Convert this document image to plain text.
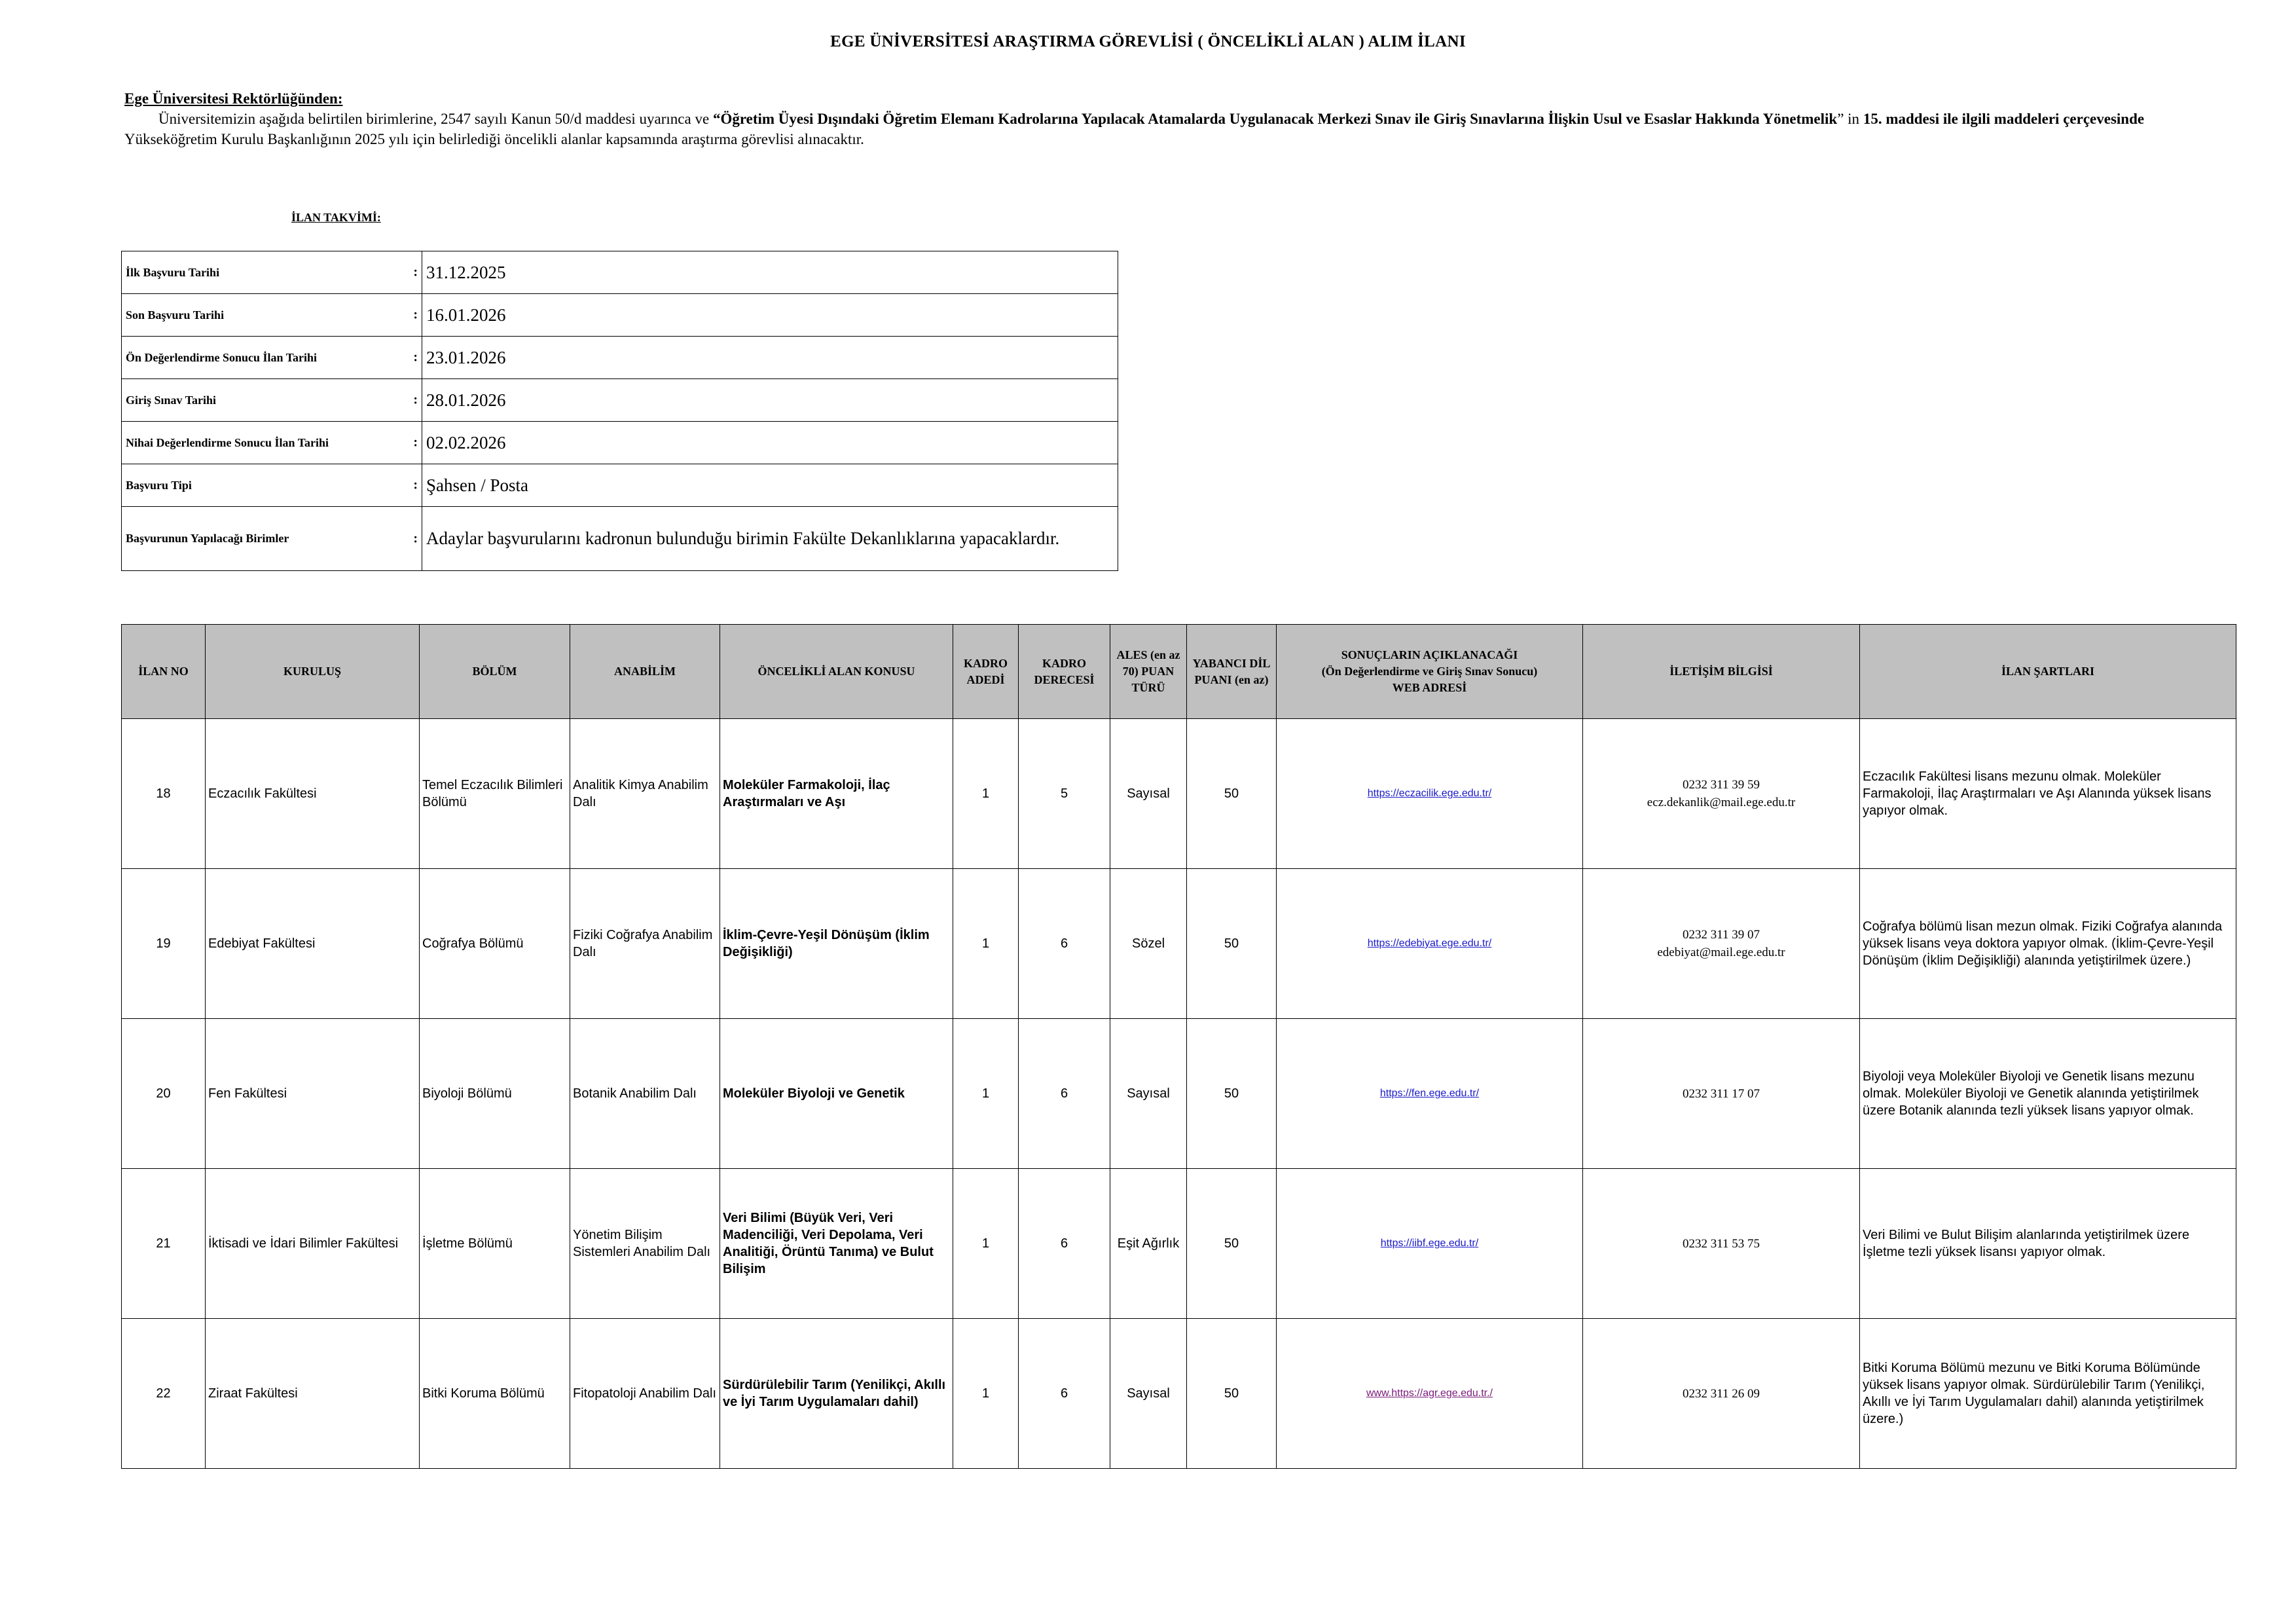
EGE ÜNİVERSİTESİ ARAŞTIRMA GÖREVLİSİ ( ÖNCELİKLİ ALAN ) ALIM İLANI
Ege Üniversitesi Rektörlüğünden:
Üniversitemizin aşağıda belirtilen birimlerine, 2547 sayılı Kanun 50/d maddesi uyarınca ve “Öğretim Üyesi Dışındaki Öğretim Elemanı Kadrolarına Yapılacak Atamalarda Uygulanacak Merkezi Sınav ile Giriş Sınavlarına İlişkin Usul ve Esaslar Hakkında Yönetmelik” in 15. maddesi ile ilgili maddeleri çerçevesinde Yükseköğretim Kurulu Başkanlığının 2025 yılı için belirlediği öncelikli alanlar kapsamında araştırma görevlisi alınacaktır.
İLAN TAKVİMİ:
İlk Başvuru Tarihi :	31.12.2025
Son Başvuru Tarihi :	16.01.2026
Ön Değerlendirme Sonucu İlan Tarihi :	23.01.2026
Giriş Sınav Tarihi :	28.01.2026
Nihai Değerlendirme Sonucu İlan Tarihi :	02.02.2026
Başvuru Tipi :	Şahsen / Posta
Başvurunun Yapılacağı Birimler :	Adaylar başvurularını kadronun bulunduğu birimin Fakülte Dekanlıklarına yapacaklardır.
İLAN NO	KURULUŞ	BÖLÜM	ANABİLİM	ÖNCELİKLİ ALAN KONUSU	KADRO ADEDİ	KADRO DERECESİ	ALES (en az 70) PUAN TÜRÜ	YABANCI DİL PUANI (en az)	SONUÇLARIN AÇIKLANACAĞI
(Ön Değerlendirme ve Giriş Sınav Sonucu)
WEB ADRESİ	İLETİŞİM BİLGİSİ	İLAN ŞARTLARI
18	Eczacılık Fakültesi	Temel Eczacılık Bilimleri Bölümü	Analitik Kimya Anabilim Dalı	Moleküler Farmakoloji, İlaç Araştırmaları ve Aşı	1	5	Sayısal	50	https://eczacilik.ege.edu.tr/	0232 311 39 59
ecz.dekanlik@mail.ege.edu.tr	Eczacılık Fakültesi lisans mezunu olmak. Moleküler Farmakoloji, İlaç Araştırmaları ve Aşı Alanında yüksek lisans yapıyor olmak.
19	Edebiyat Fakültesi	Coğrafya Bölümü	Fiziki Coğrafya Anabilim Dalı	İklim-Çevre-Yeşil Dönüşüm (İklim Değişikliği)	1	6	Sözel	50	https://edebiyat.ege.edu.tr/	0232 311 39 07
edebiyat@mail.ege.edu.tr	Coğrafya bölümü lisan mezun olmak. Fiziki Coğrafya alanında yüksek lisans veya doktora yapıyor olmak. (İklim-Çevre-Yeşil Dönüşüm (İklim Değişikliği) alanında yetiştirilmek üzere.)
20	Fen Fakültesi	Biyoloji Bölümü	Botanik Anabilim Dalı	Moleküler Biyoloji ve Genetik	1	6	Sayısal	50	https://fen.ege.edu.tr/	0232 311 17 07	Biyoloji veya Moleküler Biyoloji ve Genetik lisans mezunu olmak. Moleküler Biyoloji ve Genetik alanında yetiştirilmek üzere Botanik alanında tezli yüksek lisans yapıyor olmak.
21	İktisadi ve İdari Bilimler Fakültesi	İşletme Bölümü	Yönetim Bilişim Sistemleri Anabilim Dalı	Veri Bilimi (Büyük Veri, Veri Madenciliği, Veri Depolama, Veri Analitiği, Örüntü Tanıma) ve Bulut Bilişim	1	6	Eşit Ağırlık	50	https://iibf.ege.edu.tr/	0232 311 53 75	Veri Bilimi ve Bulut Bilişim alanlarında yetiştirilmek üzere İşletme tezli yüksek lisansı yapıyor olmak.
22	Ziraat Fakültesi	Bitki Koruma Bölümü	Fitopatoloji Anabilim Dalı	Sürdürülebilir Tarım (Yenilikçi, Akıllı ve İyi Tarım Uygulamaları dahil)	1	6	Sayısal	50	www.https://agr.ege.edu.tr./	0232 311 26 09	Bitki Koruma Bölümü mezunu ve Bitki Koruma Bölümünde yüksek lisans yapıyor olmak. Sürdürülebilir Tarım (Yenilikçi, Akıllı ve İyi Tarım Uygulamaları dahil) alanında yetiştirilmek üzere.)
